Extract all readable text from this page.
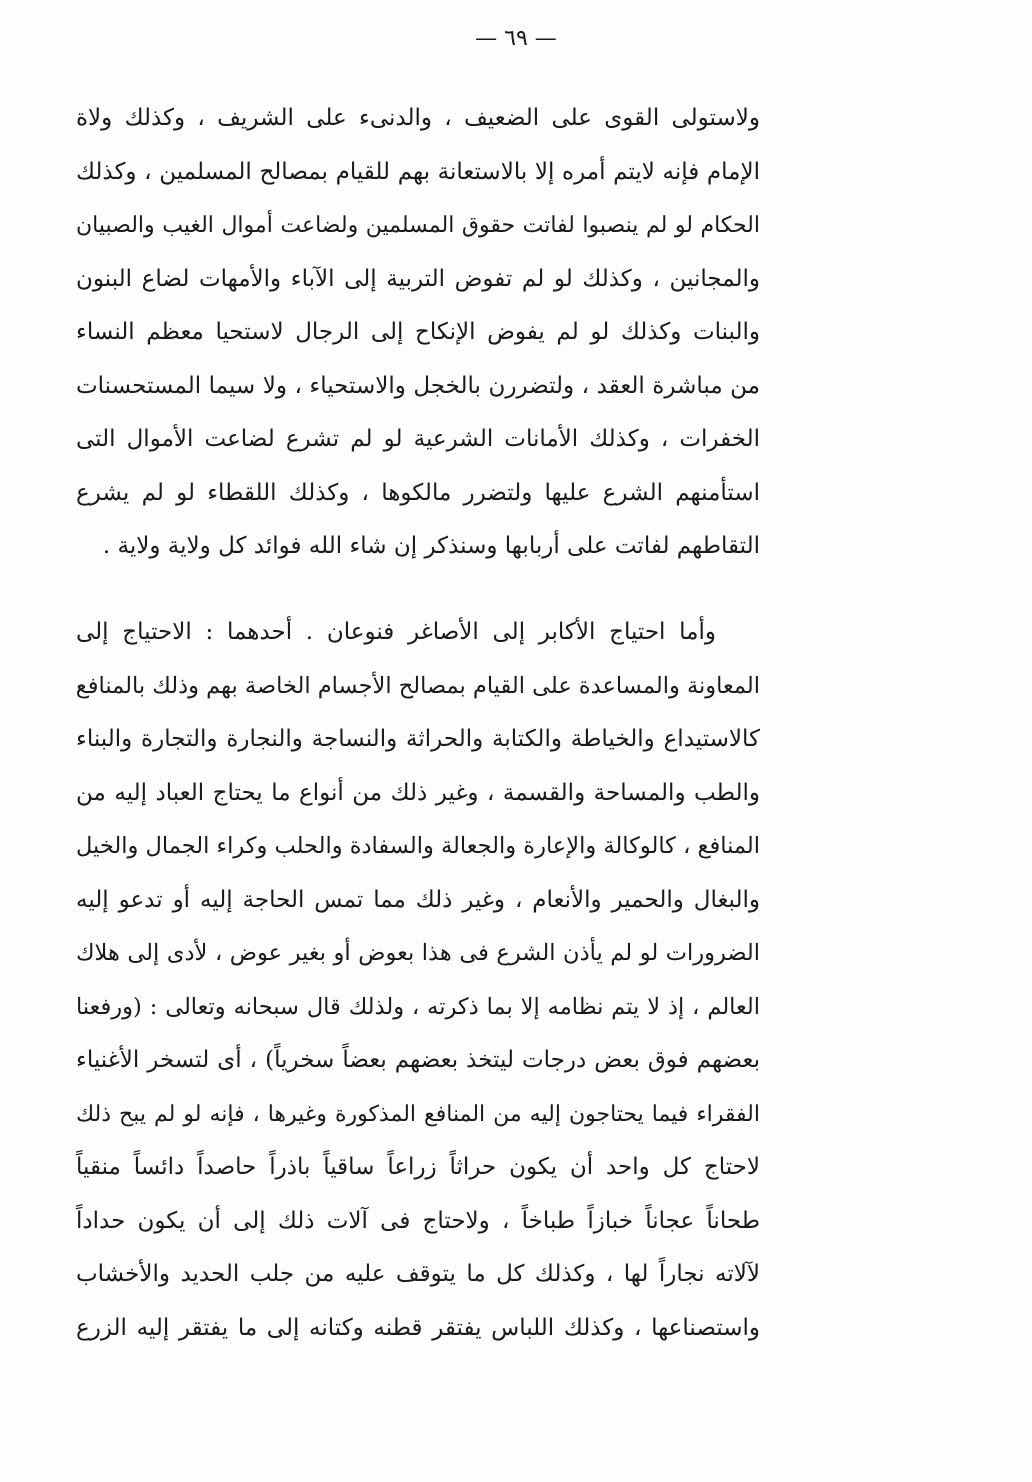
— ٦٩ —
ولاستولى القوى على الضعيف ، والدنىء على الشريف ، وكذلك ولاة
الإمام فإنه لايتم أمره إلا بالاستعانة بهم للقيام بمصالح المسلمين ، وكذلك
الحكام لو لم ينصبوا لفاتت حقوق المسلمين ولضاعت أموال الغيب والصبيان
والمجانين ، وكذلك لو لم تفوض التربية إلى الآباء والأمهات لضاع البنون
والبنات وكذلك لو لم يفوض الإنكاح إلى الرجال لاستحيا معظم النساء
من مباشرة العقد ، ولتضررن بالخجل والاستحياء ، ولا سيما المستحسنات
الخفرات ، وكذلك الأمانات الشرعية لو لم تشرع لضاعت الأموال التى
استأمنهم الشرع عليها ولتضرر مالكوها ، وكذلك اللقطاء لو لم يشرع
التقاطهم لفاتت على أربابها وسنذكر إن شاء الله فوائد كل ولاية ولاية .
وأما احتياج الأكابر إلى الأصاغر فنوعان . أحدهما : الاحتياج إلى
المعاونة والمساعدة على القيام بمصالح الأجسام الخاصة بهم وذلك بالمنافع
كالاستيداع والخياطة والكتابة والحراثة والنساجة والنجارة والتجارة والبناء
والطب والمساحة والقسمة ، وغير ذلك من أنواع ما يحتاج العباد إليه من
المنافع ، كالوكالة والإعارة والجعالة والسفادة والحلب وكراء الجمال والخيل
والبغال والحمير والأنعام ، وغير ذلك مما تمس الحاجة إليه أو تدعو إليه
الضرورات لو لم يأذن الشرع فى هذا بعوض أو بغير عوض ، لأدى إلى هلاك
العالم ، إذ لا يتم نظامه إلا بما ذكرته ، ولذلك قال سبحانه وتعالى : (ورفعنا
بعضهم فوق بعض درجات ليتخذ بعضهم بعضاً سخرياً) ، أى لتسخر الأغنياء
الفقراء فيما يحتاجون إليه من المنافع المذكورة وغيرها ، فإنه لو لم يبح ذلك
لاحتاج كل واحد أن يكون حراثاً زراعاً ساقياً باذراً حاصداً دائساً منقياً
طحاناً عجاناً خبازاً طباخاً ، ولاحتاج فى آلات ذلك إلى أن يكون حداداً
لآلاته نجاراً لها ، وكذلك كل ما يتوقف عليه من جلب الحديد والأخشاب
واستصناعها ، وكذلك اللباس يفتقر قطنه وكتانه إلى ما يفتقر إليه الزرع
